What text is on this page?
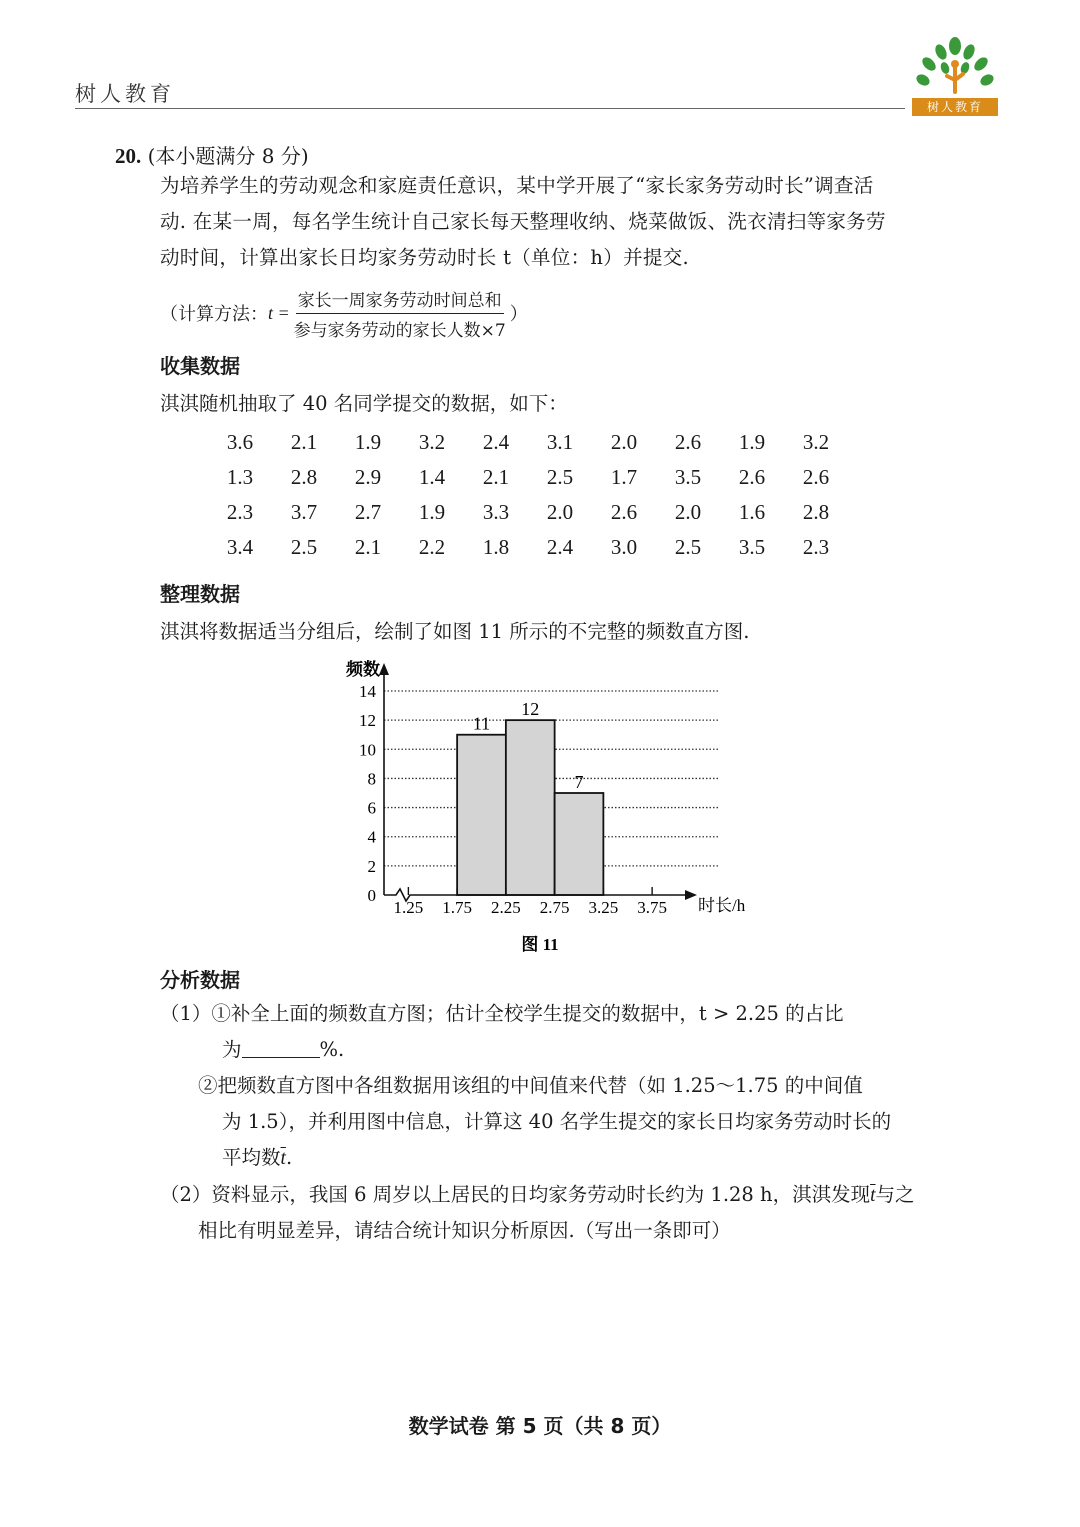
树人教育
树人教育
20. (本小题满分 8 分)
为培养学生的劳动观念和家庭责任意识，某中学开展了“家长家务劳动时长”调查活
动. 在某一周，每名学生统计自己家长每天整理收纳、烧菜做饭、洗衣清扫等家务劳
动时间，计算出家长日均家务劳动时长 t（单位：h）并提交.
（计算方法： $t = \frac{\text{家长一周家务劳动时间总和}}{\text{参与家务劳动的家长人数×7}}$ ）
收集数据
淇淇随机抽取了 40 名同学提交的数据，如下：
3.6	2.1	1.9	3.2	2.4	3.1	2.0	2.6	1.9	3.2
1.3	2.8	2.9	1.4	2.1	2.5	1.7	3.5	2.6	2.6
2.3	3.7	2.7	1.9	3.3	2.0	2.6	2.0	1.6	2.8
3.4	2.5	2.1	2.2	1.8	2.4	3.0	2.5	3.5	2.3
整理数据
淇淇将数据适当分组后，绘制了如图 11 所示的不完整的频数直方图.
11
12
7
0
2
4
6
8
10
12
14
1.25 1.75 2.25 2.75 3.25 3.75
频数
时长/h
图 11
分析数据
（1）①补全上面的频数直方图；估计全校学生提交的数据中，t > 2.25 的占比
为	%.
②把频数直方图中各组数据用该组的中间值来代替（如 1.25～1.75 的中间值
为 1.5），并利用图中信息，计算这 40 名学生提交的家长日均家务劳动时长的
平均数$\overline{t}$.
（2）资料显示，我国 6 周岁以上居民的日均家务劳动时长约为 1.28 h，淇淇发现$\overline{t}$与之
相比有明显差异，请结合统计知识分析原因.（写出一条即可）
数学试卷 第 5 页（共 8 页）
